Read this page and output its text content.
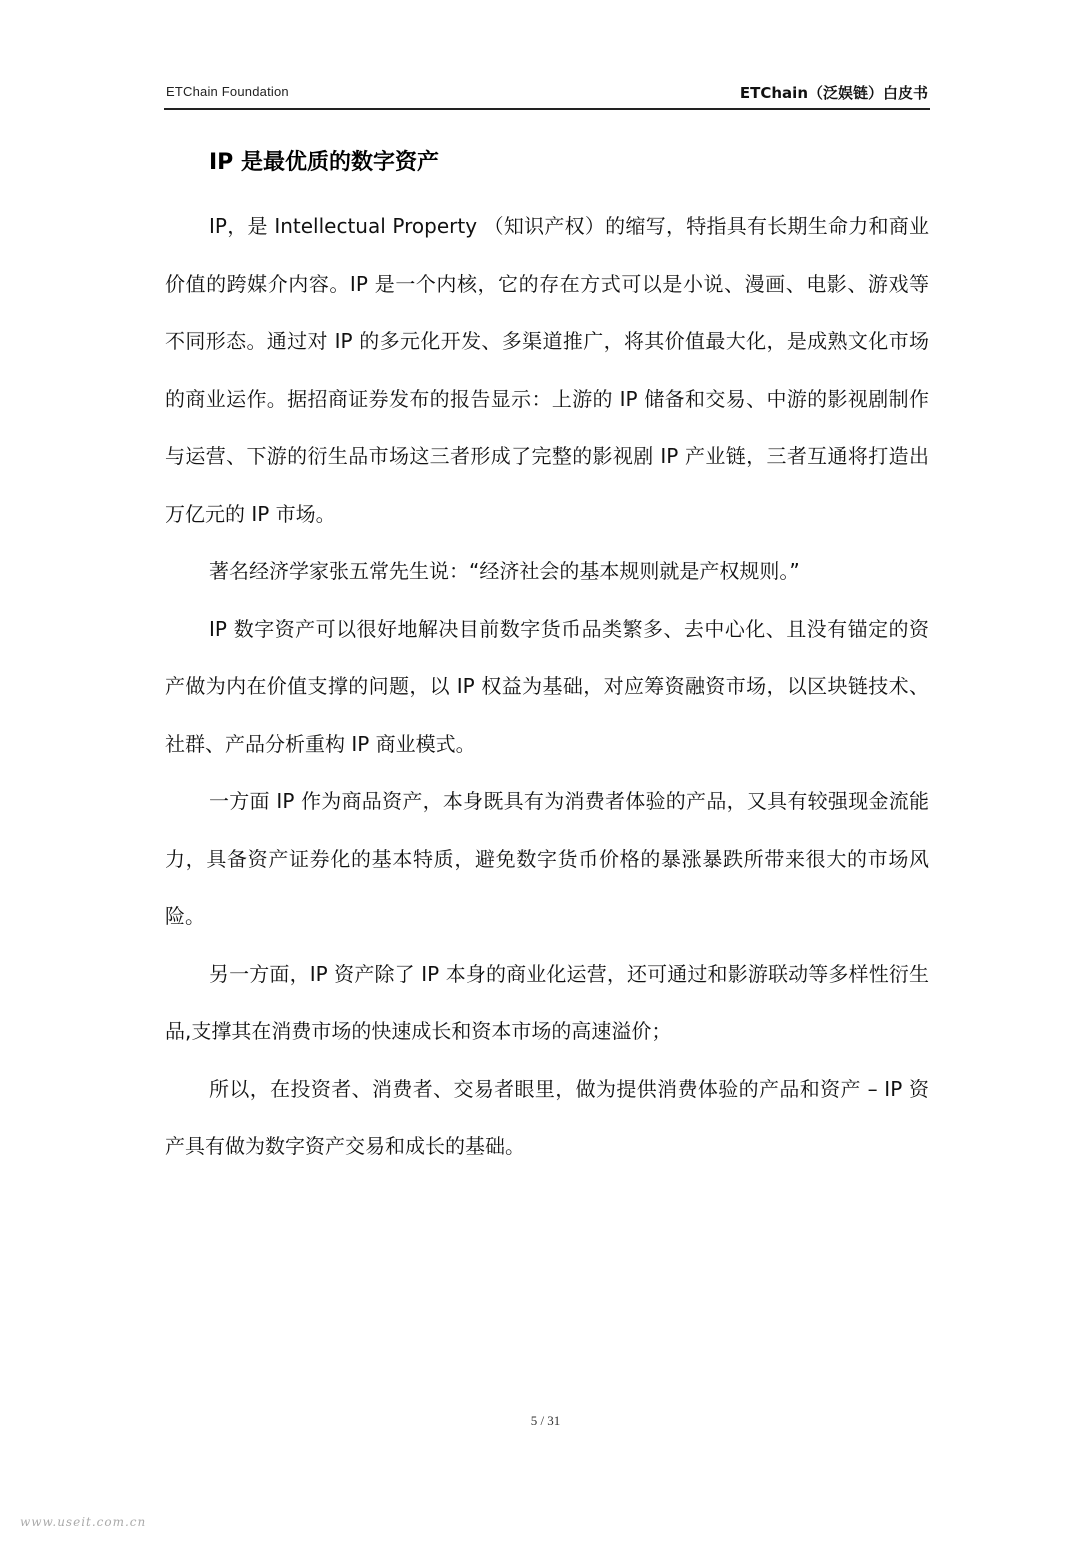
ETChain Foundation	ETChain（泛娱链）白皮书
IP 是最优质的数字资产

IP，是 Intellectual Property （知识产权）的缩写，特指具有长期生命力和商业价值的跨媒介内容。IP 是一个内核，它的存在方式可以是小说、漫画、电影、游戏等不同形态。通过对 IP 的多元化开发、多渠道推广，将其价值最大化，是成熟文化市场的商业运作。据招商证券发布的报告显示：上游的 IP 储备和交易、中游的影视剧制作与运营、下游的衍生品市场这三者形成了完整的影视剧 IP 产业链，三者互通将打造出万亿元的 IP 市场。

著名经济学家张五常先生说：“经济社会的基本规则就是产权规则。”

IP 数字资产可以很好地解决目前数字货币品类繁多、去中心化、且没有锚定的资产做为内在价值支撑的问题，以 IP 权益为基础，对应筹资融资市场，以区块链技术、社群、产品分析重构 IP 商业模式。

一方面 IP 作为商品资产，本身既具有为消费者体验的产品，又具有较强现金流能力，具备资产证券化的基本特质，避免数字货币价格的暴涨暴跌所带来很大的市场风险。

另一方面，IP 资产除了 IP 本身的商业化运营，还可通过和影游联动等多样性衍生品,支撑其在消费市场的快速成长和资本市场的高速溢价；

所以，在投资者、消费者、交易者眼里，做为提供消费体验的产品和资产 – IP 资产具有做为数字资产交易和成长的基础。

5 / 31
www.useit.com.cn
